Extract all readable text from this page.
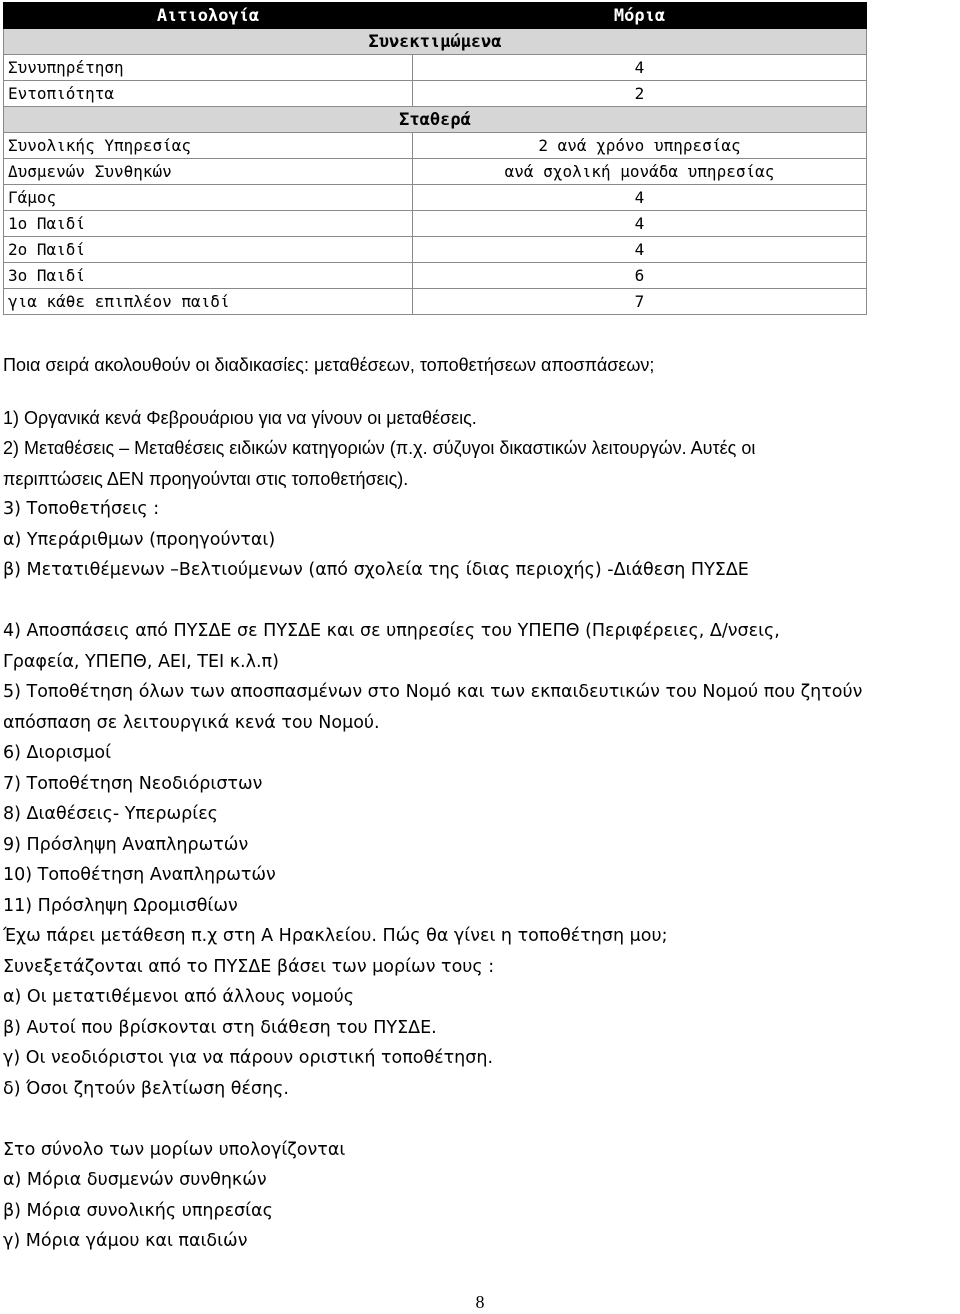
Αιτιολογία	Μόρια
Συνεκτιμώμενα	
Συνυπηρέτηση	4
Εντοπιότητα	2
Σταθερά	
Συνολικής Υπηρεσίας	2 ανά χρόνο υπηρεσίας
Δυσμενών Συνθηκών	ανά σχολική μονάδα υπηρεσίας
Γάμος	4
1ο Παιδί	4
2ο Παιδί	4
3ο Παιδί	6
για κάθε επιπλέον παιδί	7
Ποια σειρά ακολουθούν οι διαδικασίες: μεταθέσεων, τοποθετήσεων αποσπάσεων;
1) Οργανικά κενά Φεβρουάριου για να γίνουν οι μεταθέσεις.
2) Μεταθέσεις – Μεταθέσεις ειδικών κατηγοριών (π.χ. σύζυγοι δικαστικών λειτουργών. Αυτές οι
περιπτώσεις ΔΕΝ προηγούνται στις τοποθετήσεις).
3) Τοποθετήσεις :
α) Υπεράριθμων (προηγούνται)
β) Μετατιθέμενων –Βελτιούμενων (από σχολεία της ίδιας περιοχής) -Διάθεση ΠΥΣΔΕ
4) Αποσπάσεις από ΠΥΣΔΕ σε ΠΥΣΔΕ και σε υπηρεσίες του ΥΠΕΠΘ (Περιφέρειες, Δ/νσεις,
Γραφεία, ΥΠΕΠΘ, ΑΕΙ, ΤΕΙ κ.λ.π)
5) Τοποθέτηση όλων των αποσπασμένων στο Νομό και των εκπαιδευτικών του Νομού που ζητούν
απόσπαση σε λειτουργικά κενά του Νομού.
6) Διορισμοί
7) Τοποθέτηση Νεοδιόριστων
8) Διαθέσεις- Υπερωρίες
9) Πρόσληψη Αναπληρωτών
10) Τοποθέτηση Αναπληρωτών
11) Πρόσληψη Ωρομισθίων
Έχω πάρει μετάθεση π.χ στη Α Ηρακλείου. Πώς θα γίνει η τοποθέτηση μου;
Συνεξετάζονται από το ΠΥΣΔΕ βάσει των μορίων τους :
α) Οι μετατιθέμενοι από άλλους νομούς
β) Αυτοί που βρίσκονται στη διάθεση του ΠΥΣΔΕ.
γ) Οι νεοδιόριστοι για να πάρουν οριστική τοποθέτηση.
δ) Όσοι ζητούν βελτίωση θέσης.
Στο σύνολο των μορίων υπολογίζονται
α) Μόρια δυσμενών συνθηκών
β) Μόρια συνολικής υπηρεσίας
γ) Μόρια γάμου και παιδιών
8
